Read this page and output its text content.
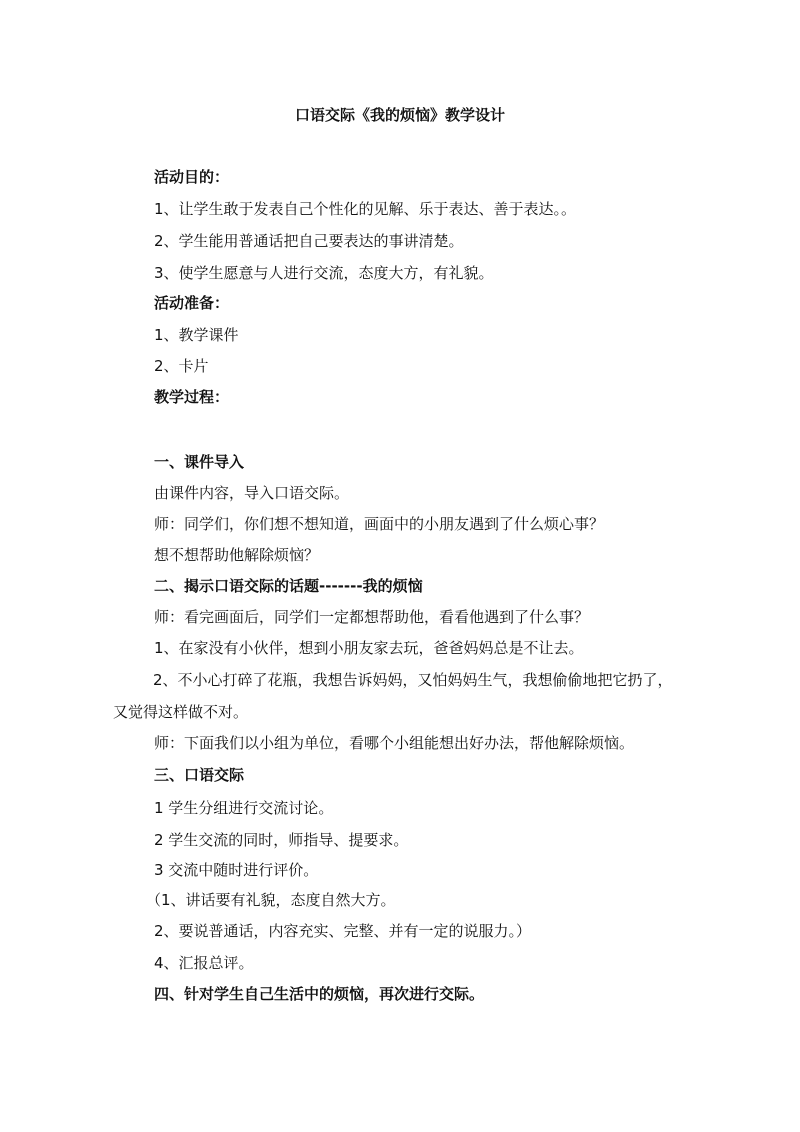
口语交际《我的烦恼》教学设计

活动目的：

1、让学生敢于发表自己个性化的见解、乐于表达、善于表达。。

2、学生能用普通话把自己要表达的事讲清楚。

3、使学生愿意与人进行交流，态度大方，有礼貌。

活动准备：

1、教学课件

2、卡片

教学过程：

一、课件导入

由课件内容，导入口语交际。

师：同学们，你们想不想知道，画面中的小朋友遇到了什么烦心事？

想不想帮助他解除烦恼？

二、揭示口语交际的话题-------我的烦恼

师：看完画面后，同学们一定都想帮助他，看看他遇到了什么事？

1、在家没有小伙伴，想到小朋友家去玩，爸爸妈妈总是不让去。

2、不小心打碎了花瓶，我想告诉妈妈，又怕妈妈生气，我想偷偷地把它扔了，又觉得这样做不对。

师：下面我们以小组为单位，看哪个小组能想出好办法，帮他解除烦恼。

三、口语交际

1 学生分组进行交流讨论。

2 学生交流的同时，师指导、提要求。

3 交流中随时进行评价。

（1、讲话要有礼貌，态度自然大方。

2、要说普通话，内容充实、完整、并有一定的说服力。）

4、汇报总评。

四、针对学生自己生活中的烦恼，再次进行交际。
